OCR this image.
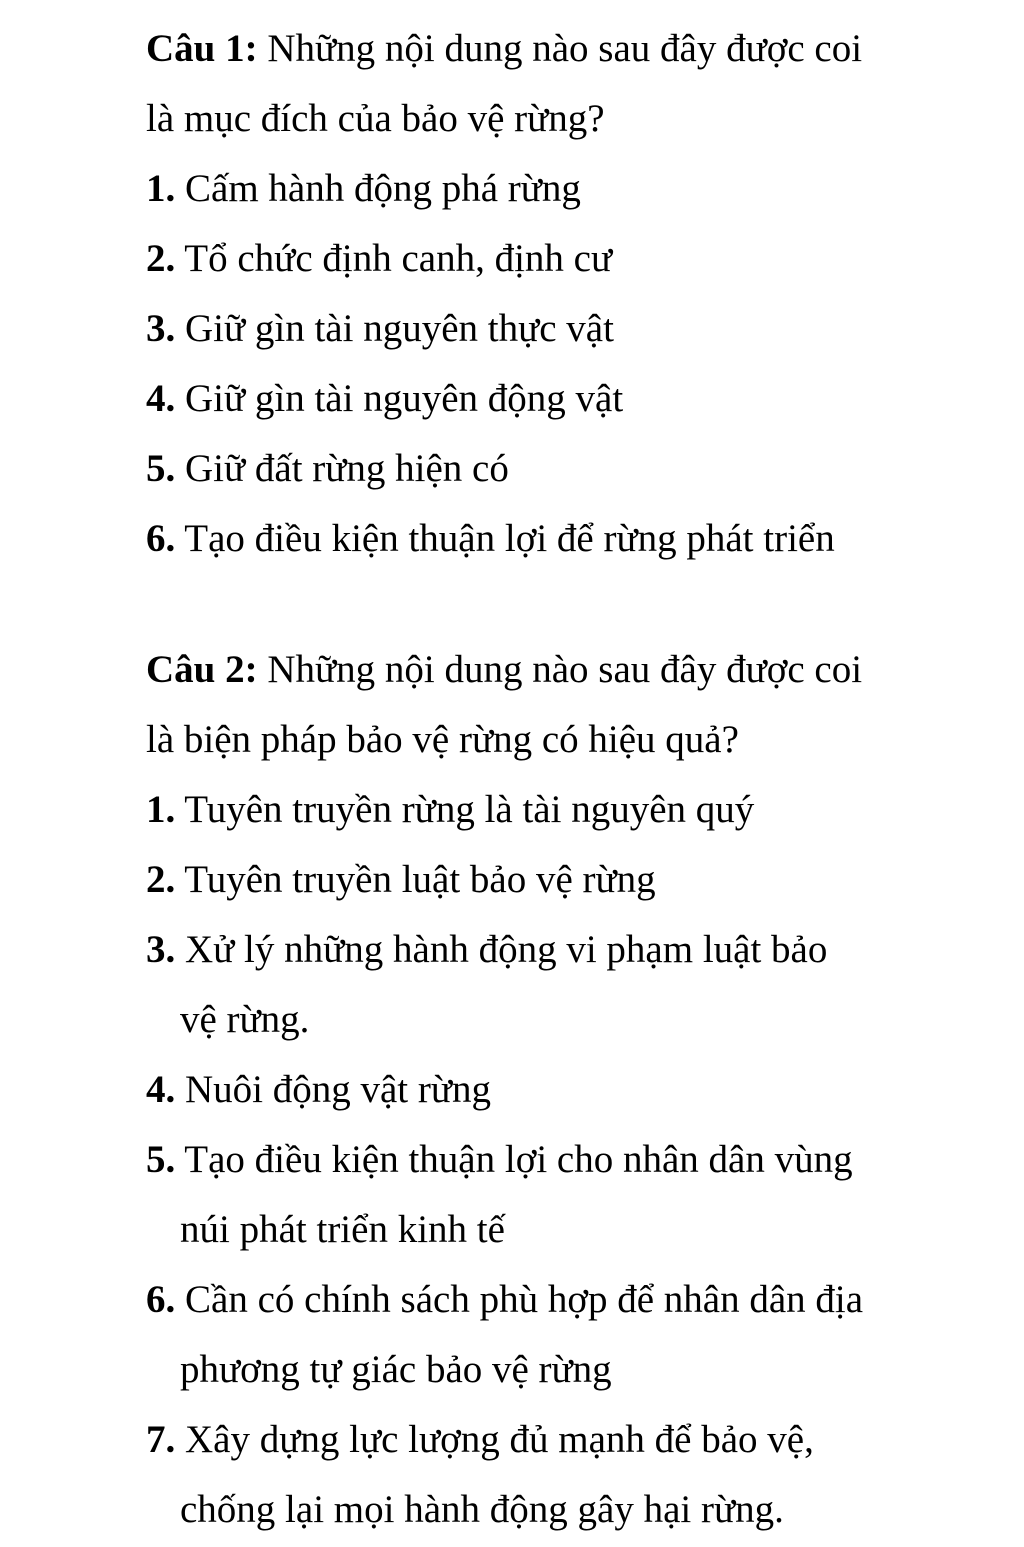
Câu 1: Những nội dung nào sau đây được coi
là mục đích của bảo vệ rừng?
1. Cấm hành động phá rừng
2. Tổ chức định canh, định cư
3. Giữ gìn tài nguyên thực vật
4. Giữ gìn tài nguyên động vật
5. Giữ đất rừng hiện có
6. Tạo điều kiện thuận lợi để rừng phát triển
Câu 2: Những nội dung nào sau đây được coi
là biện pháp bảo vệ rừng có hiệu quả?
1. Tuyên truyền rừng là tài nguyên quý
2. Tuyên truyền luật bảo vệ rừng
3. Xử lý những hành động vi phạm luật bảo
vệ rừng.
4. Nuôi động vật rừng
5. Tạo điều kiện thuận lợi cho nhân dân vùng
núi phát triển kinh tế
6. Cần có chính sách phù hợp để nhân dân địa
phương tự giác bảo vệ rừng
7. Xây dựng lực lượng đủ mạnh để bảo vệ,
chống lại mọi hành động gây hại rừng.
